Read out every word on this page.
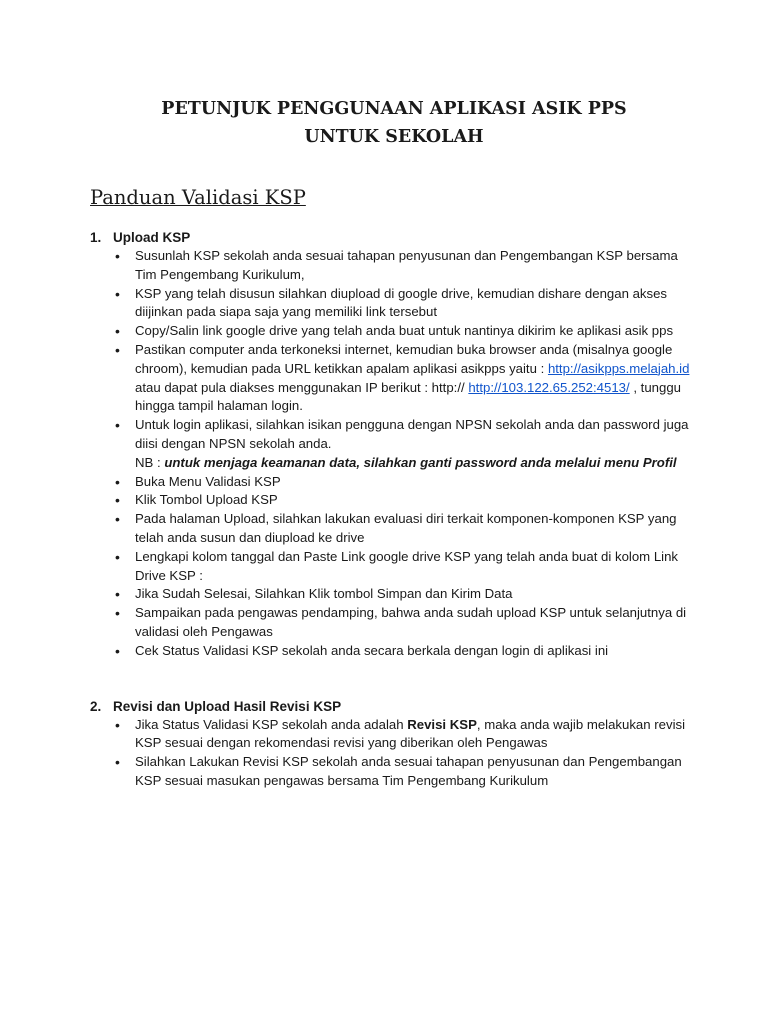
PETUNJUK PENGGUNAAN APLIKASI ASIK PPS
UNTUK SEKOLAH
Panduan Validasi KSP
1. Upload KSP
• Susunlah KSP sekolah anda sesuai tahapan penyusunan dan Pengembangan KSP bersama Tim Pengembang Kurikulum,
• KSP yang telah disusun silahkan diupload di google drive, kemudian dishare dengan akses diijinkan pada siapa saja yang memiliki link tersebut
• Copy/Salin link google drive yang telah anda buat untuk nantinya dikirim ke aplikasi asik pps
• Pastikan computer anda terkoneksi internet, kemudian buka browser anda (misalnya google chroom), kemudian pada URL ketikkan apalam aplikasi asikpps yaitu : http://asikpps.melajah.id atau dapat pula diakses menggunakan IP berikut : http:// http://103.122.65.252:4513/ , tunggu hingga tampil halaman login.
• Untuk login aplikasi, silahkan isikan pengguna dengan NPSN sekolah anda dan password juga diisi dengan NPSN sekolah anda.
NB : untuk menjaga keamanan data, silahkan ganti password anda melalui menu Profil
• Buka Menu Validasi KSP
• Klik Tombol Upload KSP
• Pada halaman Upload, silahkan lakukan evaluasi diri terkait komponen-komponen KSP yang telah anda susun dan diupload ke drive
• Lengkapi kolom tanggal dan Paste Link google drive KSP yang telah anda buat di kolom Link Drive KSP :
• Jika Sudah Selesai, Silahkan Klik tombol Simpan dan Kirim Data
• Sampaikan pada pengawas pendamping, bahwa anda sudah upload KSP untuk selanjutnya di validasi oleh Pengawas
• Cek Status Validasi KSP sekolah anda secara berkala dengan login di aplikasi ini
2. Revisi dan Upload Hasil Revisi KSP
• Jika Status Validasi KSP sekolah anda adalah Revisi KSP, maka anda wajib melakukan revisi KSP sesuai dengan rekomendasi revisi yang diberikan oleh Pengawas
• Silahkan Lakukan Revisi KSP sekolah anda sesuai tahapan penyusunan dan Pengembangan KSP sesuai masukan pengawas bersama Tim Pengembang Kurikulum
